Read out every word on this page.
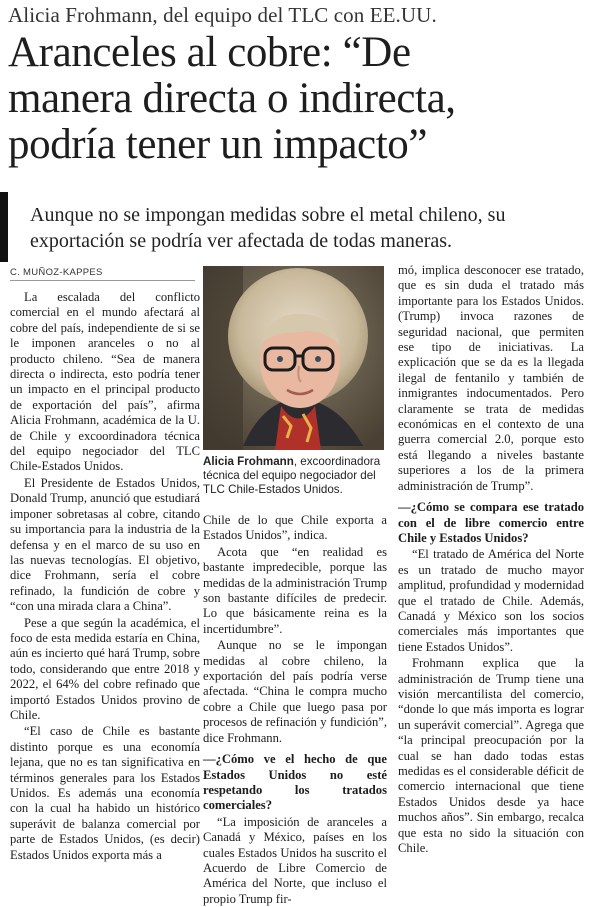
Alicia Frohmann, del equipo del TLC con EE.UU.
Aranceles al cobre: “De
manera directa o indirecta,
podría tener un impacto”
Aunque no se impongan medidas sobre el metal chileno, su
exportación se podría ver afectada de todas maneras.
C. MUÑOZ-KAPPES

La escalada del conflicto comercial en el mundo afectará al cobre del país, independiente de si se le imponen aranceles o no al producto chileno. “Sea de manera directa o indirecta, esto podría tener un impacto en el principal producto de exportación del país”, afirma Alicia Frohmann, académica de la U. de Chile y excoordinadora técnica del equipo negociador del TLC Chile-Estados Unidos.

El Presidente de Estados Unidos, Donald Trump, anunció que estudiará imponer sobretasas al cobre, citando su importancia para la industria de la defensa y en el marco de su uso en las nuevas tecnologías. El objetivo, dice Frohmann, sería el cobre refinado, la fundición de cobre y “con una mirada clara a China”.

Pese a que según la académica, el foco de esta medida estaría en China, aún es incierto qué hará Trump, sobre todo, considerando que entre 2018 y 2022, el 64% del cobre refinado que importó Estados Unidos provino de Chile.

“El caso de Chile es bastante distinto porque es una economía lejana, que no es tan significativa en términos generales para los Estados Unidos. Es además una economía con la cual ha habido un histórico superávit de balanza comercial por parte de Estados Unidos, (es decir) Estados Unidos exporta más a

Alicia Frohmann, excoordinadora técnica del equipo negociador del TLC Chile-Estados Unidos.

Chile de lo que Chile exporta a Estados Unidos”, indica.

Acota que “en realidad es bastante impredecible, porque las medidas de la administración Trump son bastante difíciles de predecir. Lo que básicamente reina es la incertidumbre”.

Aunque no se le impongan medidas al cobre chileno, la exportación del país podría verse afectada. “China le compra mucho cobre a Chile que luego pasa por procesos de refinación y fundición”, dice Frohmann.

—¿Cómo ve el hecho de que Estados Unidos no esté respetando los tratados comerciales?

“La imposición de aranceles a Canadá y México, países en los cuales Estados Unidos ha suscrito el Acuerdo de Libre Comercio de América del Norte, que incluso el propio Trump fir-

mó, implica desconocer ese tratado, que es sin duda el tratado más importante para los Estados Unidos. (Trump) invoca razones de seguridad nacional, que permiten ese tipo de iniciativas. La explicación que se da es la llegada ilegal de fentanilo y también de inmigrantes indocumentados. Pero claramente se trata de medidas económicas en el contexto de una guerra comercial 2.0, porque esto está llegando a niveles bastante superiores a los de la primera administración de Trump”.

—¿Cómo se compara ese tratado con el de libre comercio entre Chile y Estados Unidos?

“El tratado de América del Norte es un tratado de mucho mayor amplitud, profundidad y modernidad que el tratado de Chile. Además, Canadá y México son los socios comerciales más importantes que tiene Estados Unidos”.

Frohmann explica que la administración de Trump tiene una visión mercantilista del comercio, “donde lo que más importa es lograr un superávit comercial”. Agrega que “la principal preocupación por la cual se han dado todas estas medidas es el considerable déficit de comercio internacional que tiene Estados Unidos desde ya hace muchos años”. Sin embargo, recalca que esta no sido la situación con Chile.
